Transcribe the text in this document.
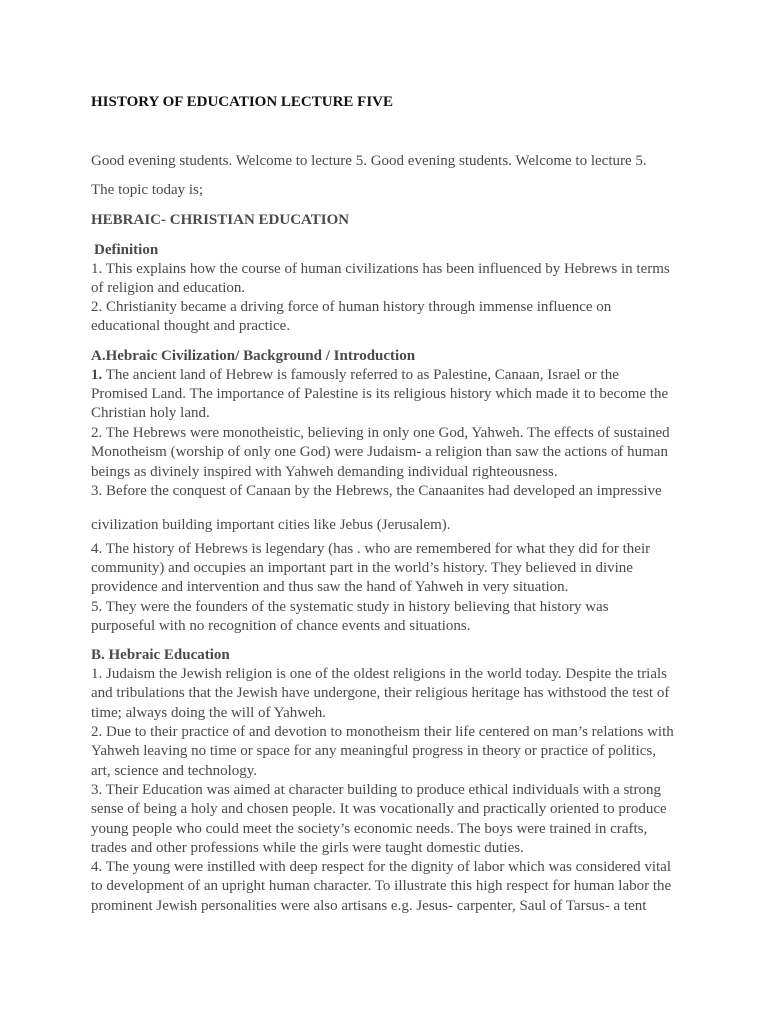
HISTORY OF EDUCATION LECTURE FIVE

Good evening students. Welcome to lecture 5. Good evening students. Welcome to lecture 5.

The topic today is;

HEBRAIC- CHRISTIAN EDUCATION

Definition

1. This explains how the course of human civilizations has been influenced by Hebrews in terms

of religion and education.

2. Christianity became a driving force of human history through immense influence on

educational thought and practice.

A.Hebraic Civilization/ Background / Introduction

1. The ancient land of Hebrew is famously referred to as Palestine, Canaan, Israel or the

Promised Land. The importance of Palestine is its religious history which made it to become the

Christian holy land.

2. The Hebrews were monotheistic, believing in only one God, Yahweh. The effects of sustained

Monotheism (worship of only one God) were Judaism- a religion than saw the actions of human

beings as divinely inspired with Yahweh demanding individual righteousness.

3. Before the conquest of Canaan by the Hebrews, the Canaanites had developed an impressive

civilization building important cities like Jebus (Jerusalem).

4. The history of Hebrews is legendary (has . who are remembered for what they did for their

community) and occupies an important part in the world’s history. They believed in divine

providence and intervention and thus saw the hand of Yahweh in very situation.

5. They were the founders of the systematic study in history believing that history was

purposeful with no recognition of chance events and situations.

B. Hebraic Education

1. Judaism the Jewish religion is one of the oldest religions in the world today. Despite the trials

and tribulations that the Jewish have undergone, their religious heritage has withstood the test of

time; always doing the will of Yahweh.

2. Due to their practice of and devotion to monotheism their life centered on man’s relations with

Yahweh leaving no time or space for any meaningful progress in theory or practice of politics,

art, science and technology.

3. Their Education was aimed at character building to produce ethical individuals with a strong

sense of being a holy and chosen people. It was vocationally and practically oriented to produce

young people who could meet the society’s economic needs. The boys were trained in crafts,

trades and other professions while the girls were taught domestic duties.

4. The young were instilled with deep respect for the dignity of labor which was considered vital

to development of an upright human character. To illustrate this high respect for human labor the

prominent Jewish personalities were also artisans e.g. Jesus- carpenter, Saul of Tarsus- a tent
